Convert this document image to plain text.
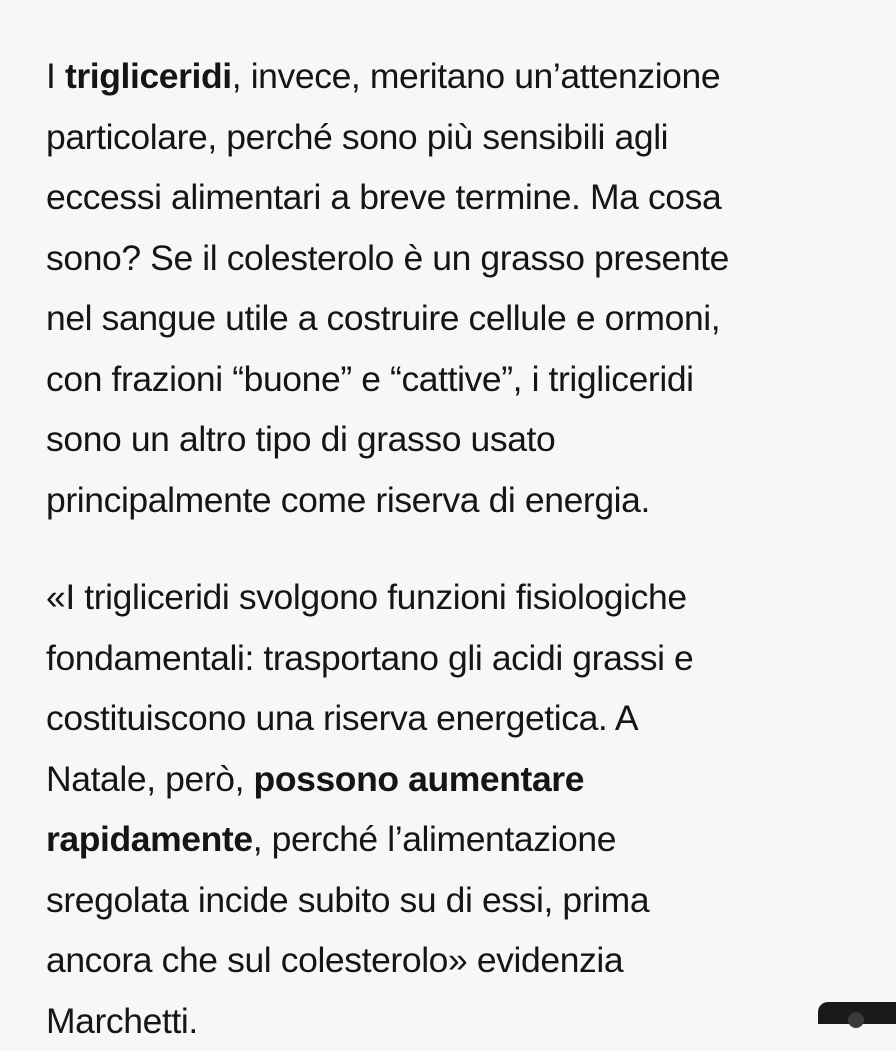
I trigliceridi, invece, meritano un’attenzione
particolare, perché sono più sensibili agli
eccessi alimentari a breve termine. Ma cosa
sono? Se il colesterolo è un grasso presente
nel sangue utile a costruire cellule e ormoni,
con frazioni “buone” e “cattive”, i trigliceridi
sono un altro tipo di grasso usato
principalmente come riserva di energia.
«I trigliceridi svolgono funzioni fisiologiche
fondamentali: trasportano gli acidi grassi e
costituiscono una riserva energetica. A
Natale, però, possono aumentare
rapidamente, perché l’alimentazione
sregolata incide subito su di essi, prima
ancora che sul colesterolo» evidenzia
Marchetti.
